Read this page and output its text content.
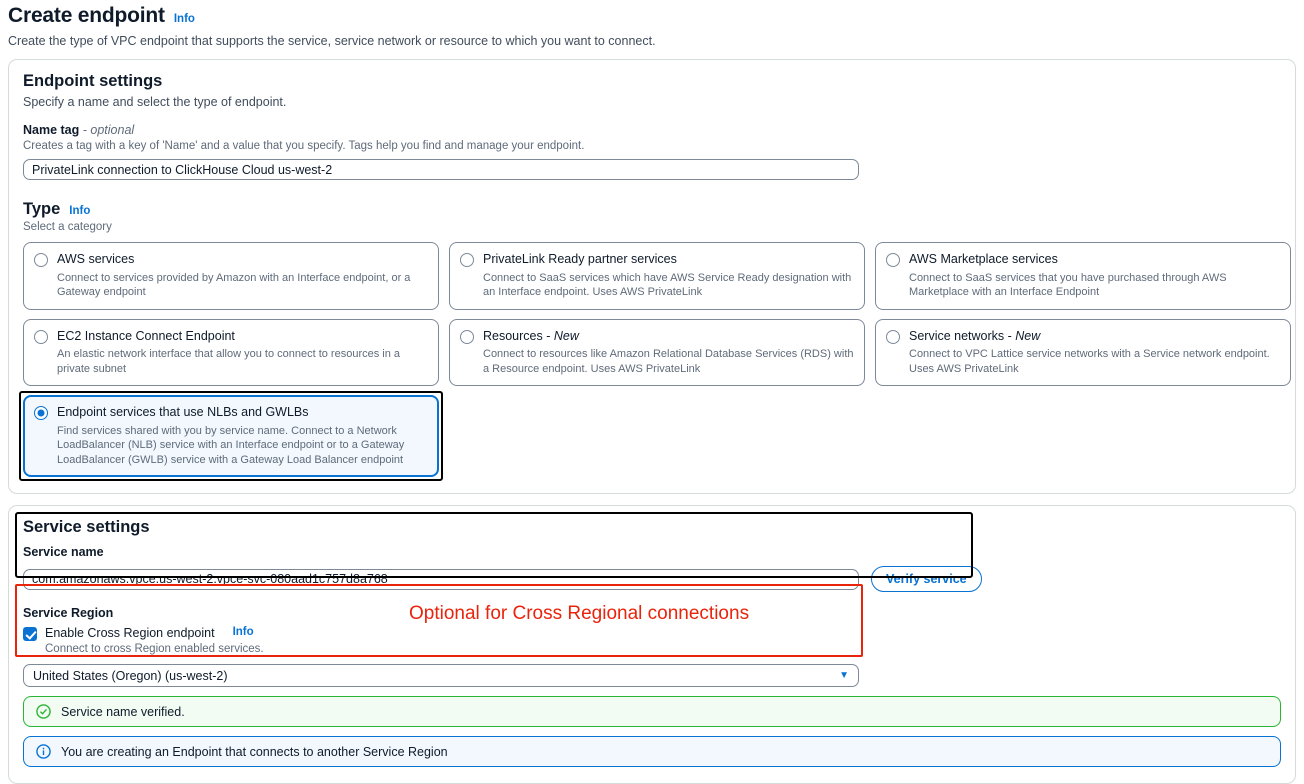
Create endpoint Info
Create the type of VPC endpoint that supports the service, service network or resource to which you want to connect.
Endpoint settings
Specify a name and select the type of endpoint.
Name tag - optional
Creates a tag with a key of 'Name' and a value that you specify. Tags help you find and manage your endpoint.
PrivateLink connection to ClickHouse Cloud us-west-2
Type Info
Select a category
AWS services
Connect to services provided by Amazon with an Interface endpoint, or a Gateway endpoint
PrivateLink Ready partner services
Connect to SaaS services which have AWS Service Ready designation with an Interface endpoint. Uses AWS PrivateLink
AWS Marketplace services
Connect to SaaS services that you have purchased through AWS Marketplace with an Interface Endpoint
EC2 Instance Connect Endpoint
An elastic network interface that allow you to connect to resources in a private subnet
Resources - New
Connect to resources like Amazon Relational Database Services (RDS) with a Resource endpoint. Uses AWS PrivateLink
Service networks - New
Connect to VPC Lattice service networks with a Service network endpoint. Uses AWS PrivateLink
Endpoint services that use NLBs and GWLBs
Find services shared with you by service name. Connect to a Network LoadBalancer (NLB) service with an Interface endpoint or to a Gateway LoadBalancer (GWLB) service with a Gateway Load Balancer endpoint
Service settings
Service name
com.amazonaws.vpce.us-west-2.vpce-svc-080aad1c757d8a768
Verify service
Service Region
Enable Cross Region endpoint Info
Connect to cross Region enabled services.
United States (Oregon) (us-west-2)	▼
Service name verified.
You are creating an Endpoint that connects to another Service Region
Optional for Cross Regional connections
